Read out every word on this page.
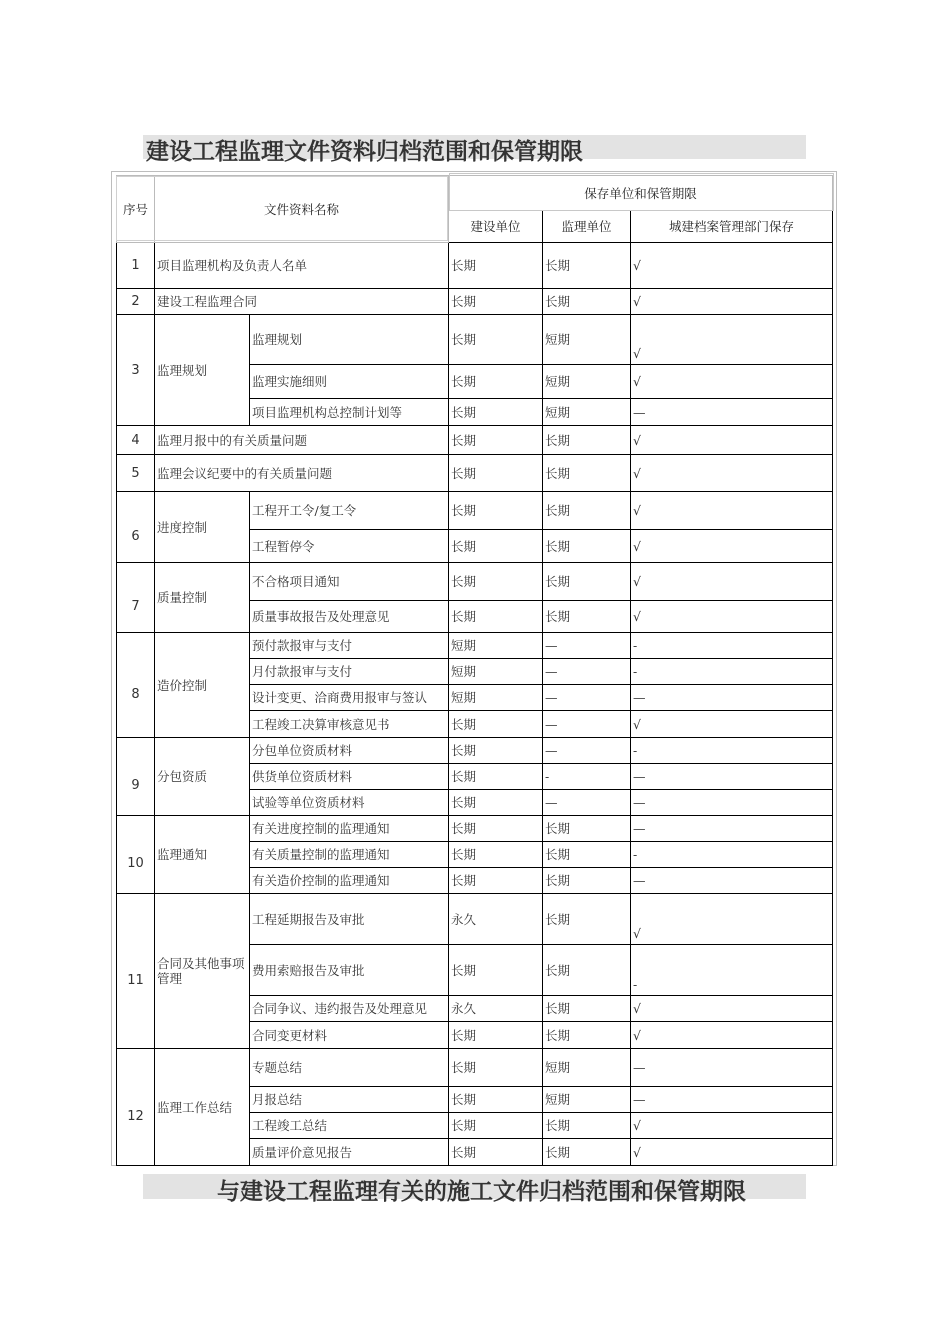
建设工程监理文件资料归档范围和保管期限
序号	文件资料名称		保存单位和保管期限		
			建设单位	监理单位	城建档案管理部门保存
1	项目监理机构及负责人名单		长期	长期	√
2	建设工程监理合同		长期	长期	√
3	监理规划	监理规划	长期	短期	√
		监理实施细则	长期	短期	√
		项目监理机构总控制计划等	长期	短期	—
4	监理月报中的有关质量问题		长期	长期	√
5	监理会议纪要中的有关质量问题		长期	长期	√
6	进度控制	工程开工令/复工令	长期	长期	√
		工程暂停令	长期	长期	√
7	质量控制	不合格项目通知	长期	长期	√
		质量事故报告及处理意见	长期	长期	√
8	造价控制	预付款报审与支付	短期	—	-
		月付款报审与支付	短期	—	-
		设计变更、洽商费用报审与签认	短期	—	—
		工程竣工决算审核意见书	长期	—	√
9	分包资质	分包单位资质材料	长期	—	-
		供货单位资质材料	长期	-	—
		试验等单位资质材料	长期	—	—
10	监理通知	有关进度控制的监理通知	长期	长期	—
		有关质量控制的监理通知	长期	长期	-
		有关造价控制的监理通知	长期	长期	—
11	合同及其他事项管理	工程延期报告及审批	永久	长期	√
		费用索赔报告及审批	长期	长期	-
		合同争议、违约报告及处理意见	永久	长期	√
		合同变更材料	长期	长期	√
12	监理工作总结	专题总结	长期	短期	—
		月报总结	长期	短期	—
		工程竣工总结	长期	长期	√
		质量评价意见报告	长期	长期	√
与建设工程监理有关的施工文件归档范围和保管期限
